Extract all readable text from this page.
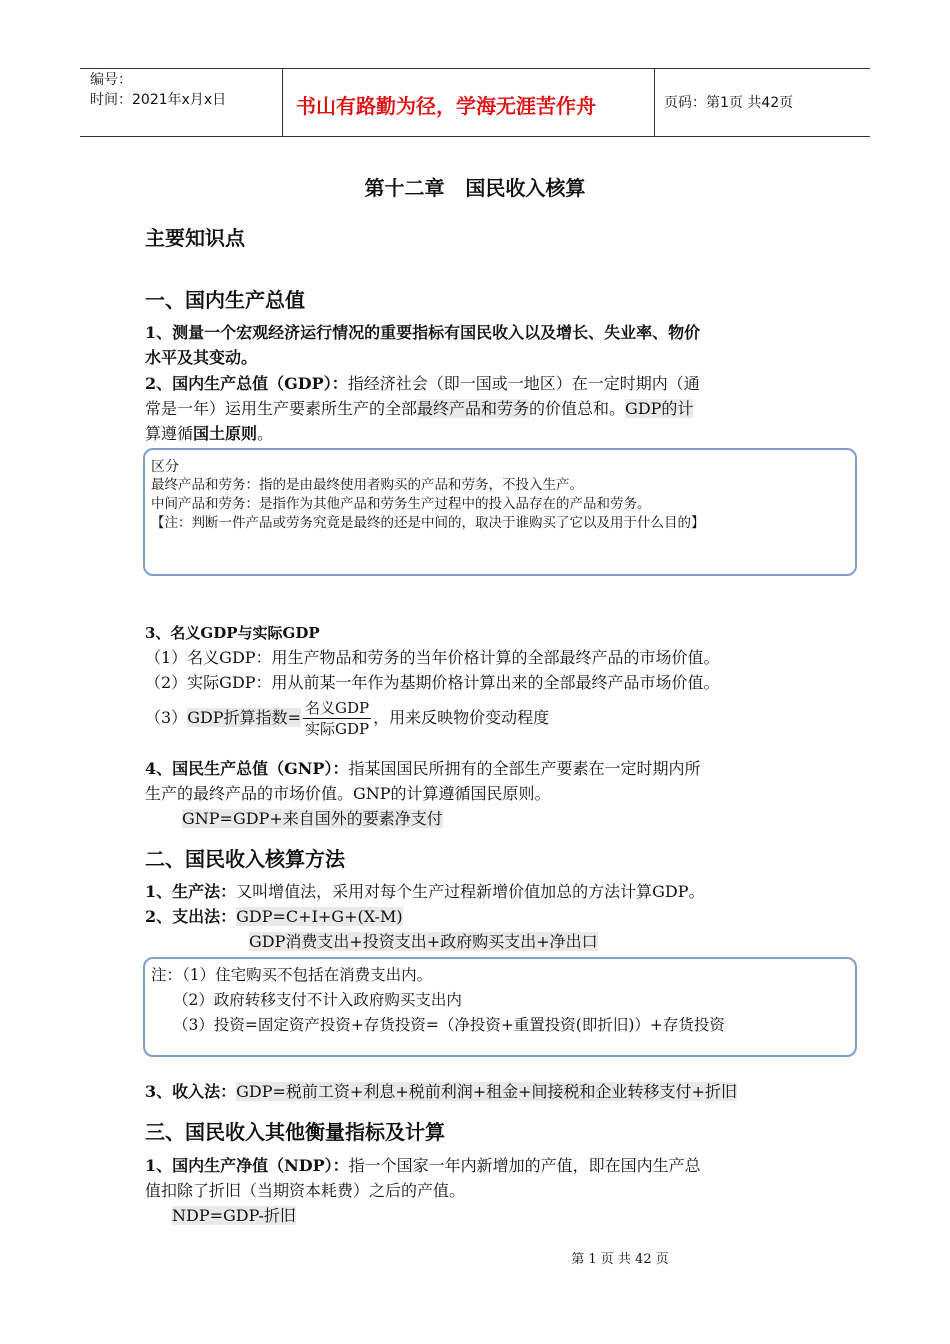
编号：
时间：2021年x月x日	书山有路勤为径，学海无涯苦作舟	页码：第1页 共42页
第十二章   国民收入核算
主要知识点
一、国内生产总值
1、测量一个宏观经济运行情况的重要指标有国民收入以及增长、失业率、物价
水平及其变动。
2、国内生产总值（GDP）：指经济社会（即一国或一地区）在一定时期内（通
常是一年）运用生产要素所生产的全部最终产品和劳务的价值总和。GDP的计
算遵循国土原则。
区分
最终产品和劳务：指的是由最终使用者购买的产品和劳务，不投入生产。
中间产品和劳务：是指作为其他产品和劳务生产过程中的投入品存在的产品和劳务。
【注：判断一件产品或劳务究竟是最终的还是中间的，取决于谁购买了它以及用于什么目的】
3、名义GDP与实际GDP
（1）名义GDP：用生产物品和劳务的当年价格计算的全部最终产品的市场价值。
（2）实际GDP：用从前某一年作为基期价格计算出来的全部最终产品市场价值。
（3）GDP折算指数= $\frac{\text{名义GDP}}{\text{实际GDP}}$ ，用来反映物价变动程度
4、国民生产总值（GNP）：指某国国民所拥有的全部生产要素在一定时期内所
生产的最终产品的市场价值。GNP的计算遵循国民原则。
GNP=GDP+来自国外的要素净支付
二、国民收入核算方法
1、生产法：又叫增值法，采用对每个生产过程新增价值加总的方法计算GDP。
2、支出法：GDP=C+I+G+(X-M)
GDP消费支出+投资支出+政府购买支出+净出口
注：（1）住宅购买不包括在消费支出内。
（2）政府转移支付不计入政府购买支出内
（3）投资=固定资产投资+存货投资=（净投资+重置投资(即折旧)）+存货投资
3、收入法：GDP=税前工资+利息+税前利润+租金+间接税和企业转移支付+折旧
三、国民收入其他衡量指标及计算
1、国内生产净值（NDP）：指一个国家一年内新增加的产值，即在国内生产总
值扣除了折旧（当期资本耗费）之后的产值。
NDP=GDP-折旧
第 1 页 共 42 页
